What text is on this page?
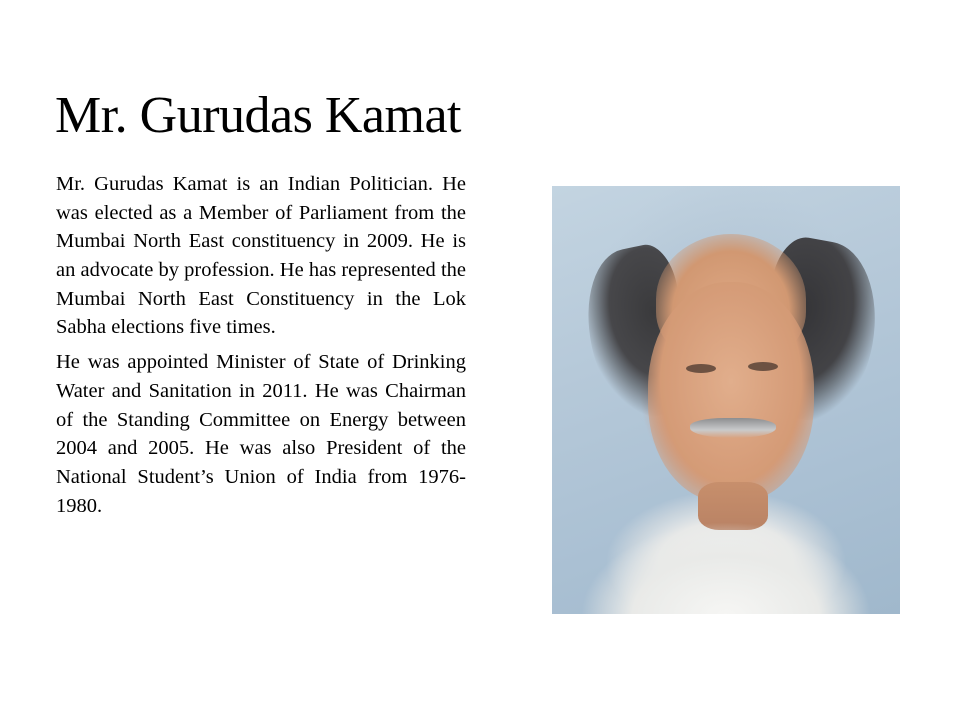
Mr. Gurudas Kamat

Mr. Gurudas Kamat is an Indian Politician. He was elected as a Member of Parliament from the Mumbai North East constituency in 2009. He is an advocate by profession. He has represented the Mumbai North East Constituency in the Lok Sabha elections five times.

He was appointed Minister of State of Drinking Water and Sanitation in 2011. He was Chairman of the Standing Committee on Energy between 2004 and 2005. He was also President of the National Student’s Union of India from 1976-1980.
